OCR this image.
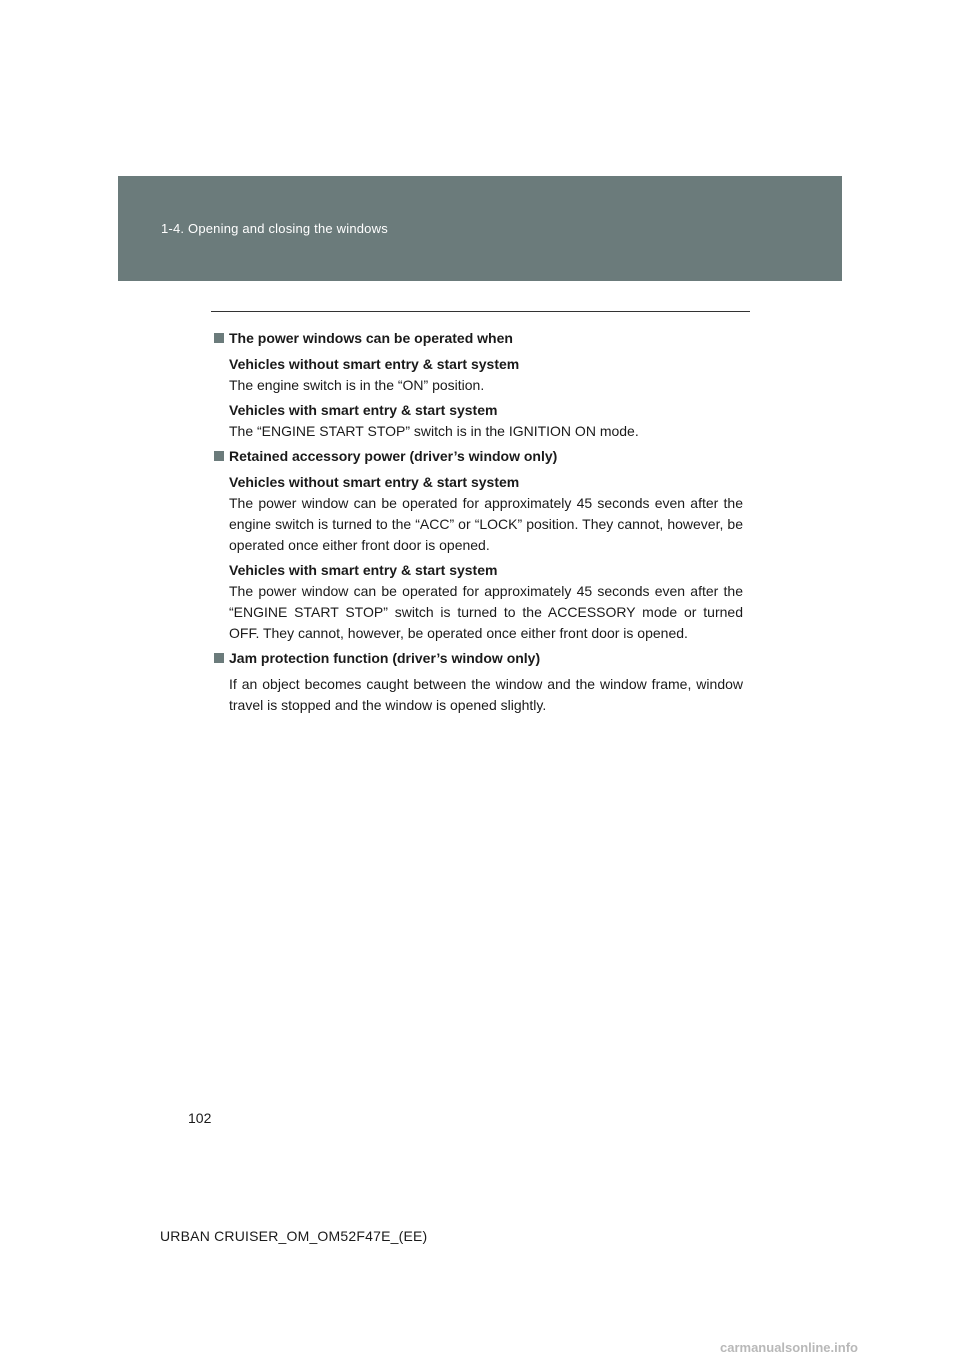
1-4. Opening and closing the windows
The power windows can be operated when
Vehicles without smart entry & start system
The engine switch is in the “ON” position.
Vehicles with smart entry & start system
The “ENGINE START STOP” switch is in the IGNITION ON mode.
Retained accessory power (driver’s window only)
Vehicles without smart entry & start system
The power window can be operated for approximately 45 seconds even after the engine switch is turned to the “ACC” or “LOCK” position. They cannot, however, be operated once either front door is opened.
Vehicles with smart entry & start system
The power window can be operated for approximately 45 seconds even after the “ENGINE START STOP” switch is turned to the ACCESSORY mode or turned OFF. They cannot, however, be operated once either front door is opened.
Jam protection function (driver’s window only)
If an object becomes caught between the window and the window frame, window travel is stopped and the window is opened slightly.
102
URBAN CRUISER_OM_OM52F47E_(EE)
carmanualsonline.info
